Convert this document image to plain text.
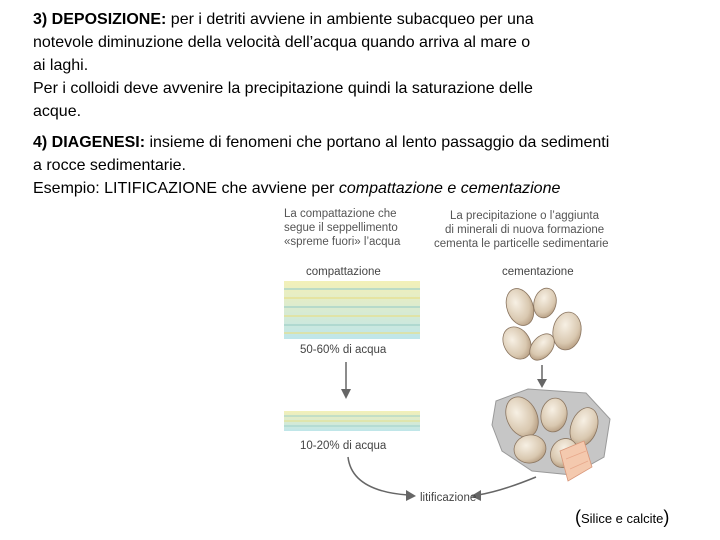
3) DEPOSIZIONE: per i detriti avviene in ambiente subacqueo per una
notevole diminuzione della velocità dell’acqua quando arriva al mare o
ai laghi.
Per i colloidi deve avvenire la precipitazione quindi la saturazione delle
acque.
4) DIAGENESI: insieme di fenomeni che portano al lento passaggio da sedimenti
a rocce sedimentarie.
Esempio: LITIFICAZIONE che avviene per compattazione e cementazione
La compattazione che
segue il seppellimento
«spreme fuori» l’acqua
La precipitazione o l’aggiunta
di minerali di nuova formazione
cementa le particelle sedimentarie
compattazione	cementazione
50-60% di acqua
10-20% di acqua
litificazione
(Silice e calcite)
